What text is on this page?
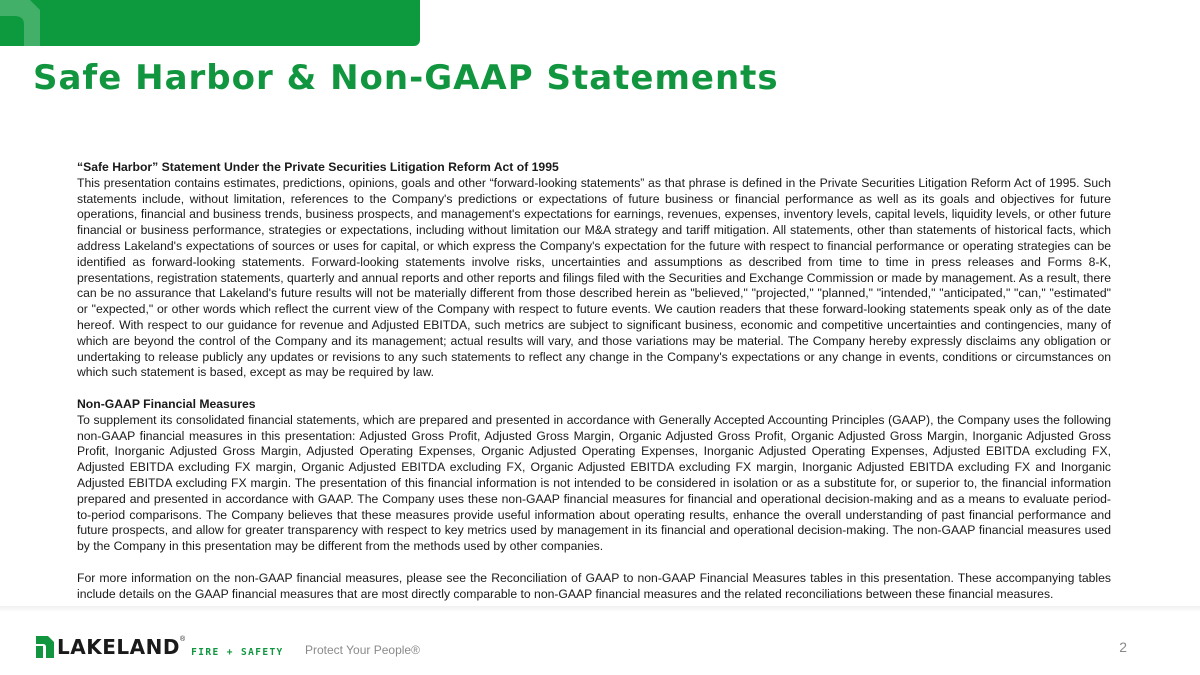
Safe Harbor & Non-GAAP Statements

“Safe Harbor” Statement Under the Private Securities Litigation Reform Act of 1995

This presentation contains estimates, predictions, opinions, goals and other “forward-looking statements” as that phrase is defined in the Private Securities Litigation Reform Act of 1995. Such statements include, without limitation, references to the Company's predictions or expectations of future business or financial performance as well as its goals and objectives for future operations, financial and business trends, business prospects, and management's expectations for earnings, revenues, expenses, inventory levels, capital levels, liquidity levels, or other future financial or business performance, strategies or expectations, including without limitation our M&A strategy and tariff mitigation. All statements, other than statements of historical facts, which address Lakeland's expectations of sources or uses for capital, or which express the Company's expectation for the future with respect to financial performance or operating strategies can be identified as forward-looking statements. Forward-looking statements involve risks, uncertainties and assumptions as described from time to time in press releases and Forms 8-K, presentations, registration statements, quarterly and annual reports and other reports and filings filed with the Securities and Exchange Commission or made by management. As a result, there can be no assurance that Lakeland's future results will not be materially different from those described herein as "believed," "projected," "planned," "intended," "anticipated," "can," "estimated" or "expected," or other words which reflect the current view of the Company with respect to future events. We caution readers that these forward-looking statements speak only as of the date hereof. With respect to our guidance for revenue and Adjusted EBITDA, such metrics are subject to significant business, economic and competitive uncertainties and contingencies, many of which are beyond the control of the Company and its management; actual results will vary, and those variations may be material. The Company hereby expressly disclaims any obligation or undertaking to release publicly any updates or revisions to any such statements to reflect any change in the Company's expectations or any change in events, conditions or circumstances on which such statement is based, except as may be required by law.

Non-GAAP Financial Measures

To supplement its consolidated financial statements, which are prepared and presented in accordance with Generally Accepted Accounting Principles (GAAP), the Company uses the following non-GAAP financial measures in this presentation: Adjusted Gross Profit, Adjusted Gross Margin, Organic Adjusted Gross Profit, Organic Adjusted Gross Margin, Inorganic Adjusted Gross Profit, Inorganic Adjusted Gross Margin, Adjusted Operating Expenses, Organic Adjusted Operating Expenses, Inorganic Adjusted Operating Expenses, Adjusted EBITDA excluding FX, Adjusted EBITDA excluding FX margin, Organic Adjusted EBITDA excluding FX, Organic Adjusted EBITDA excluding FX margin, Inorganic Adjusted EBITDA excluding FX and Inorganic Adjusted EBITDA excluding FX margin. The presentation of this financial information is not intended to be considered in isolation or as a substitute for, or superior to, the financial information prepared and presented in accordance with GAAP. The Company uses these non-GAAP financial measures for financial and operational decision-making and as a means to evaluate period-to-period comparisons. The Company believes that these measures provide useful information about operating results, enhance the overall understanding of past financial performance and future prospects, and allow for greater transparency with respect to key metrics used by management in its financial and operational decision-making. The non-GAAP financial measures used by the Company in this presentation may be different from the methods used by other companies.

For more information on the non-GAAP financial measures, please see the Reconciliation of GAAP to non-GAAP Financial Measures tables in this presentation. These accompanying tables include details on the GAAP financial measures that are most directly comparable to non-GAAP financial measures and the related reconciliations between these financial measures.

LAKELAND ®
FIRE + SAFETY Protect Your People®	2
